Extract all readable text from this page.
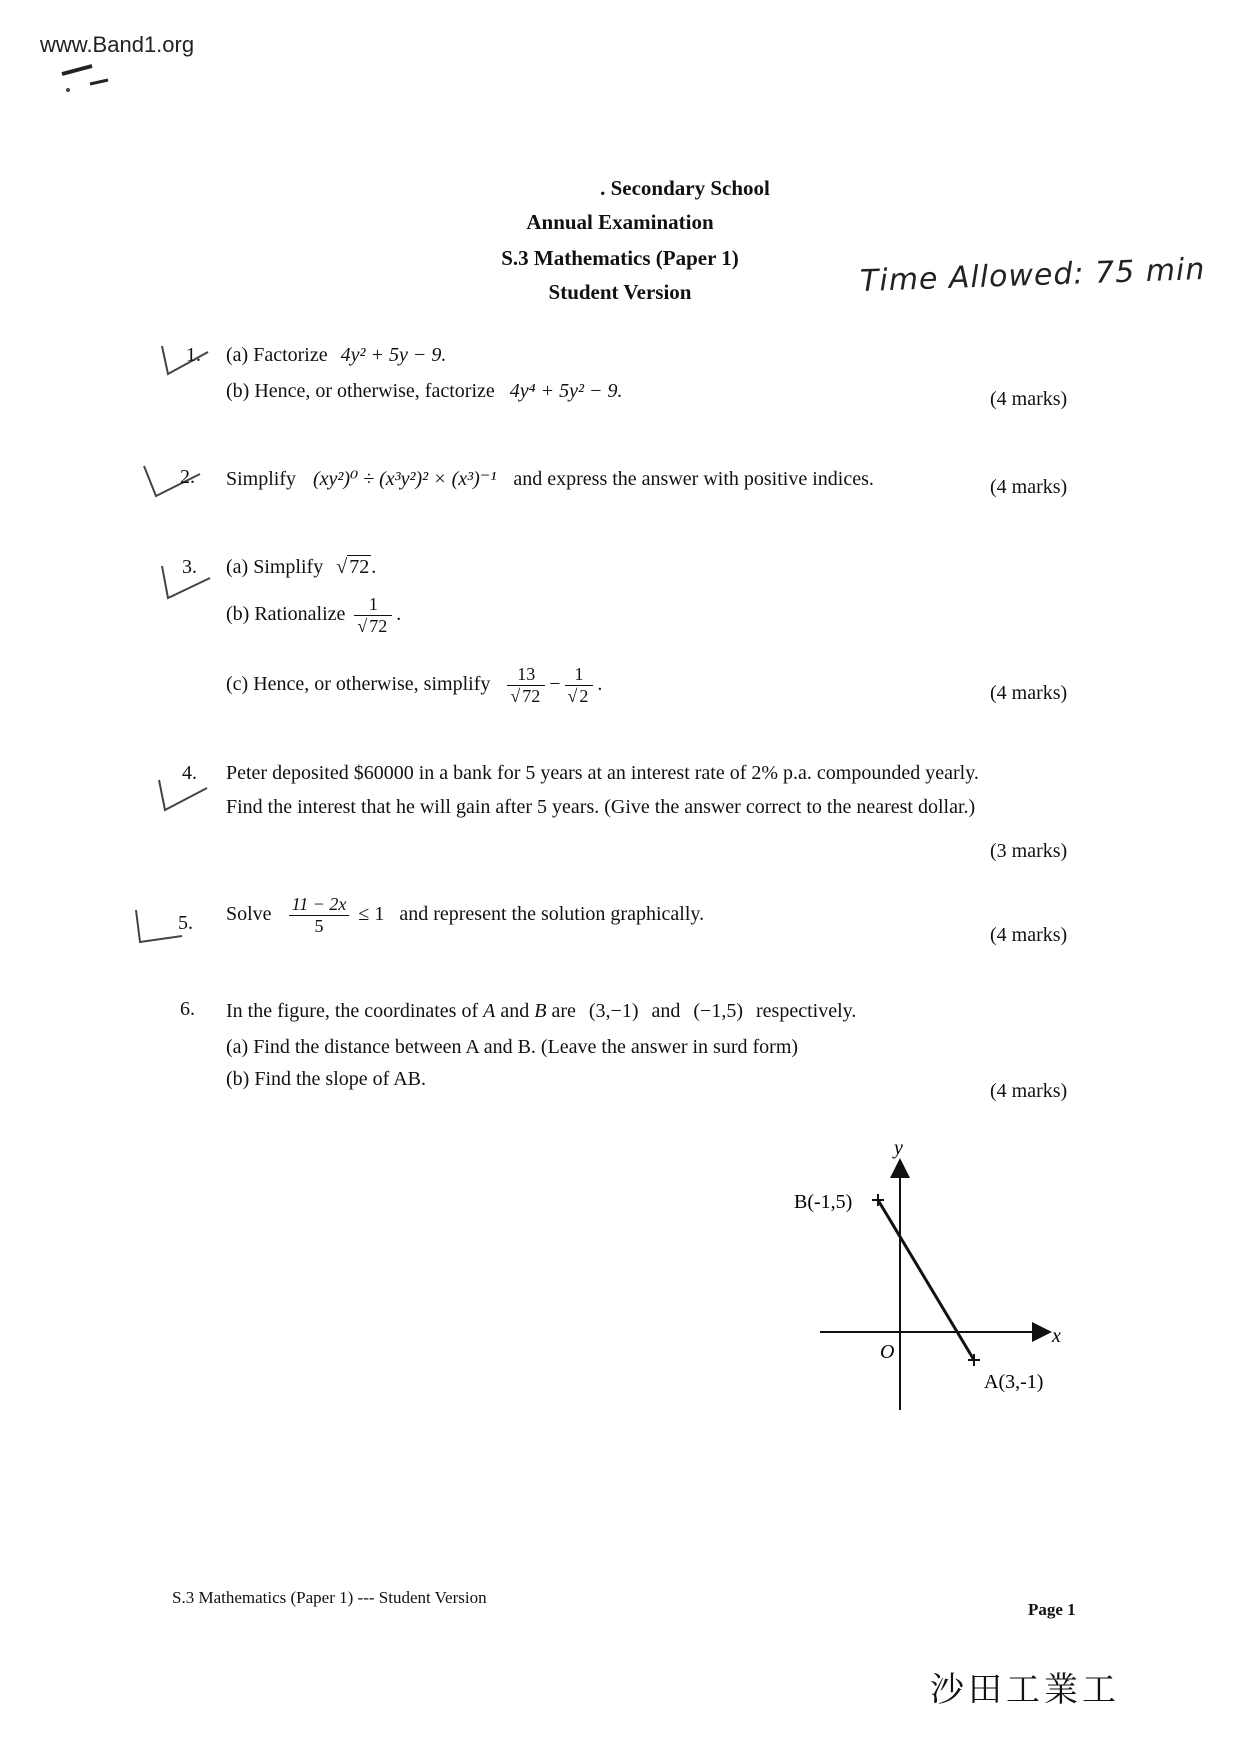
www.Band1.org
. Secondary School
Annual Examination
S.3 Mathematics (Paper 1)
Student Version	Time Allowed: 75 min
1. (a) Factorize 4y² + 5y − 9.
(b) Hence, or otherwise, factorize 4y⁴ + 5y² − 9.	(4 marks)
2. Simplify (xy²)⁰ ÷ (x³y²)² × (x³)⁻¹ and express the answer with positive indices.	(4 marks)
3. (a) Simplify √ 72 .
(b) Rationalize $\frac{1}{√ 72}$ .
(c) Hence, or otherwise, simplify $\frac{13}{√ 72} - \frac{1}{√ 2}$ .	(4 marks)
4. Peter deposited $60000 in a bank for 5 years at an interest rate of 2% p.a. compounded yearly.
Find the interest that he will gain after 5 years. (Give the answer correct to the nearest dollar.)
(3 marks)
5. Solve $\frac{11 - 2x}{5} \le 1$ and represent the solution graphically.
(4 marks)
6. In the figure, the coordinates of A and B are (3,−1) and (−1,5) respectively.
(a) Find the distance between A and B. (Leave the answer in surd form)
(b) Find the slope of AB.
(4 marks)
y
x
O
B(-1,5)
A(3,-1)
S.3 Mathematics (Paper 1) --- Student Version
Page 1
沙田工業工
